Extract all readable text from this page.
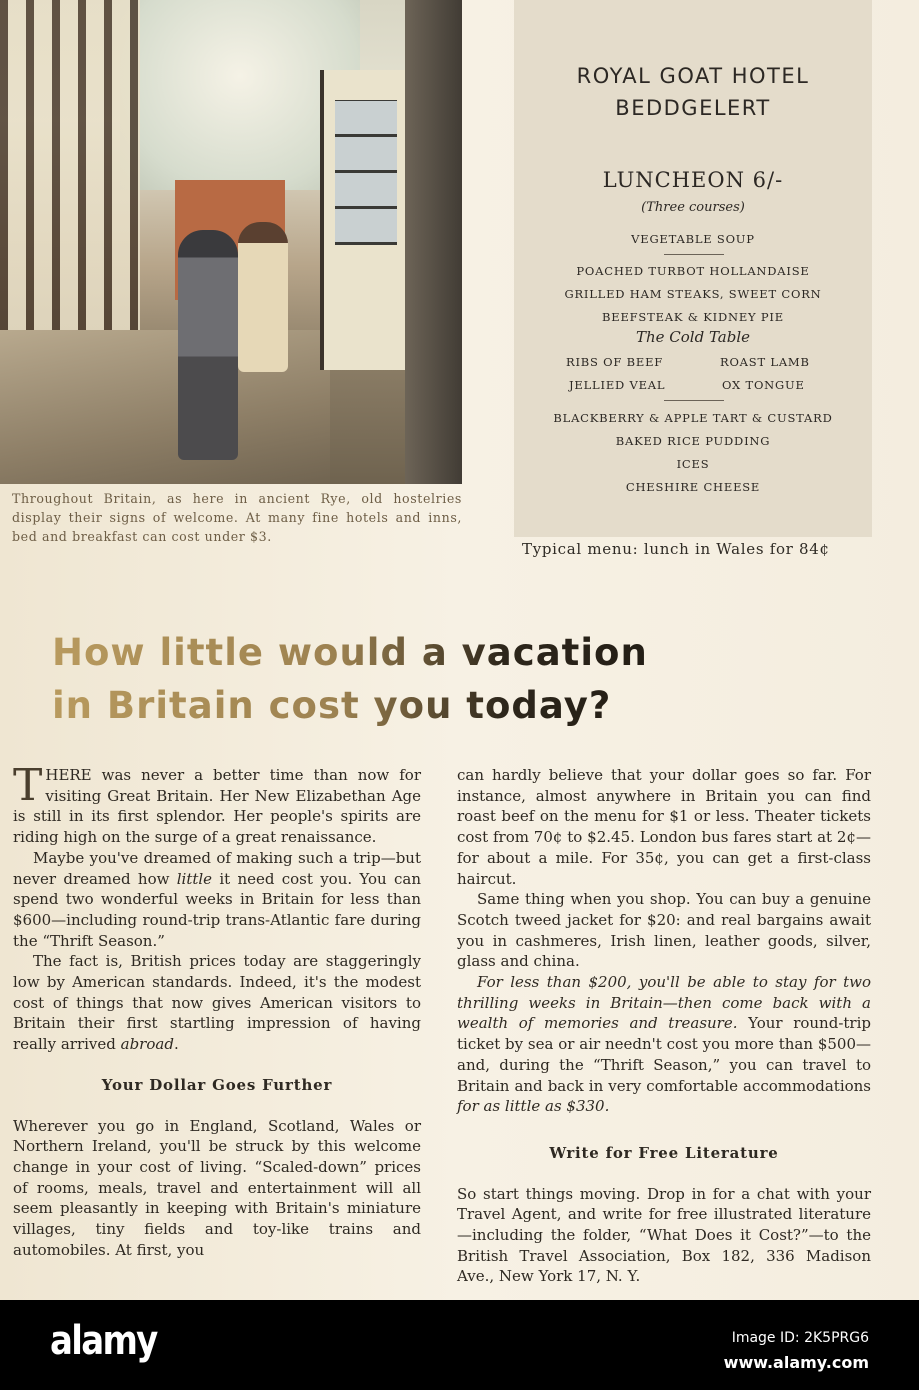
Throughout Britain, as here in ancient Rye, old hostelries display their signs of welcome. At many fine hotels and inns, bed and breakfast can cost under $3.
ROYAL GOAT HOTEL
BEDDGELERT
LUNCHEON 6/-
(Three courses)
VEGETABLE SOUP
POACHED TURBOT HOLLANDAISE
GRILLED HAM STEAKS, SWEET CORN
BEEFSTEAK & KIDNEY PIE
The Cold Table
RIBS OF BEEF	ROAST LAMB
JELLIED VEAL	OX TONGUE
BLACKBERRY & APPLE TART & CUSTARD
BAKED RICE PUDDING
ICES
CHESHIRE CHEESE
Typical menu: lunch in Wales for 84¢
How little would a vacation
in Britain cost you today?

THERE was never a better time than now for visiting Great Britain. Her New Elizabethan Age is still in its first splendor. Her people's spirits are riding high on the surge of a great renaissance.

Maybe you've dreamed of making such a trip—but never dreamed how little it need cost you. You can spend two wonderful weeks in Britain for less than $600—including round-trip trans-Atlantic fare during the “Thrift Season.”

The fact is, British prices today are staggeringly low by American standards. Indeed, it's the modest cost of things that now gives American visitors to Britain their first startling impression of having really arrived abroad.

Your Dollar Goes Further

Wherever you go in England, Scotland, Wales or Northern Ireland, you'll be struck by this welcome change in your cost of living. “Scaled-down” prices of rooms, meals, travel and entertainment will all seem pleasantly in keeping with Britain's miniature villages, tiny fields and toy-like trains and automobiles. At first, you

can hardly believe that your dollar goes so far. For instance, almost anywhere in Britain you can find roast beef on the menu for $1 or less. Theater tickets cost from 70¢ to $2.45. London bus fares start at 2¢—for about a mile. For 35¢, you can get a first-class haircut.

Same thing when you shop. You can buy a genuine Scotch tweed jacket for $20: and real bargains await you in cashmeres, Irish linen, leather goods, silver, glass and china.

For less than $200, you'll be able to stay for two thrilling weeks in Britain—then come back with a wealth of memories and treasure. Your round-trip ticket by sea or air needn't cost you more than $500—and, during the “Thrift Season,” you can travel to Britain and back in very comfortable accommodations for as little as $330.

Write for Free Literature

So start things moving. Drop in for a chat with your Travel Agent, and write for free illustrated literature—including the folder, “What Does it Cost?”—to the British Travel Association, Box 182, 336 Madison Ave., New York 17, N. Y.

alamy	Image ID: 2K5PRG6
www.alamy.com
